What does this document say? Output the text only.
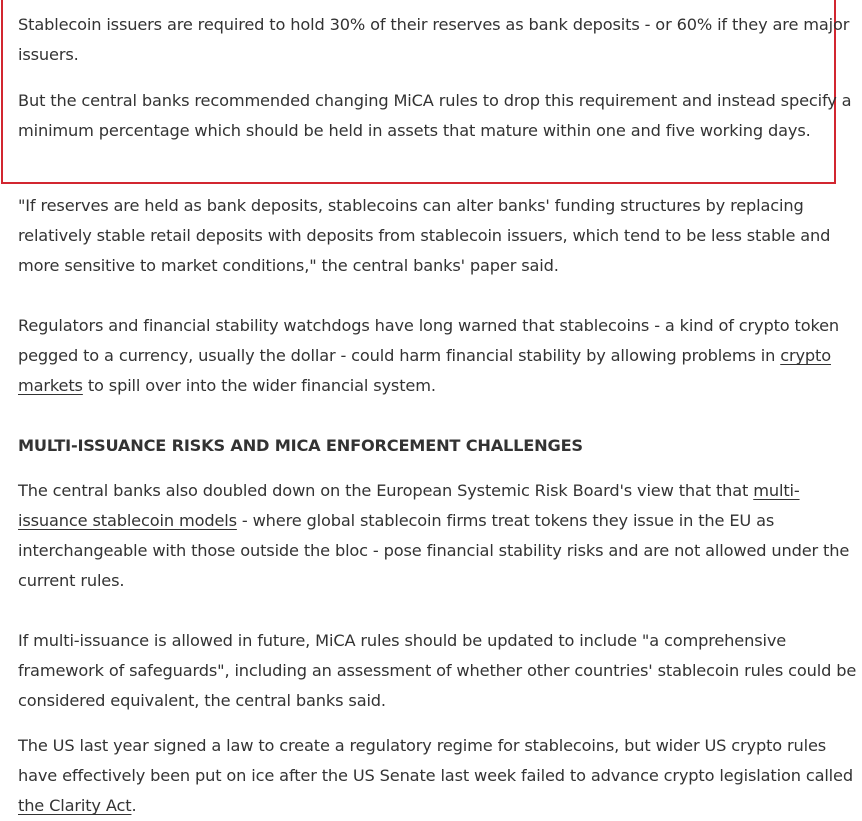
Stablecoin issuers are required to hold 30% of their reserves as bank deposits - or 60% if they are major issuers.

But the central banks recommended changing MiCA rules to drop this requirement and instead specify a minimum percentage which should be held in assets that mature within one and five working days.

"If reserves are held as bank deposits, stablecoins can alter banks' funding structures by replacing relatively stable retail deposits with deposits from stablecoin issuers, which tend to be less stable and more sensitive to market conditions," the central banks' paper said.

Regulators and financial stability watchdogs have long warned that stablecoins - a kind of crypto token pegged to a currency, usually the dollar - could harm financial stability by allowing problems in crypto markets to spill over into the wider financial system.

MULTI-ISSUANCE RISKS AND MICA ENFORCEMENT CHALLENGES

The central banks also doubled down on the European Systemic Risk Board's view that that multi-issuance stablecoin models - where global stablecoin firms treat tokens they issue in the EU as interchangeable with those outside the bloc - pose financial stability risks and are not allowed under the current rules.

If multi-issuance is allowed in future, MiCA rules should be updated to include "a comprehensive framework of safeguards", including an assessment of whether other countries' stablecoin rules could be considered equivalent, the central banks said.

The US last year signed a law to create a regulatory regime for stablecoins, but wider US crypto rules have effectively been put on ice after the US Senate last week failed to advance crypto legislation called the Clarity Act.
